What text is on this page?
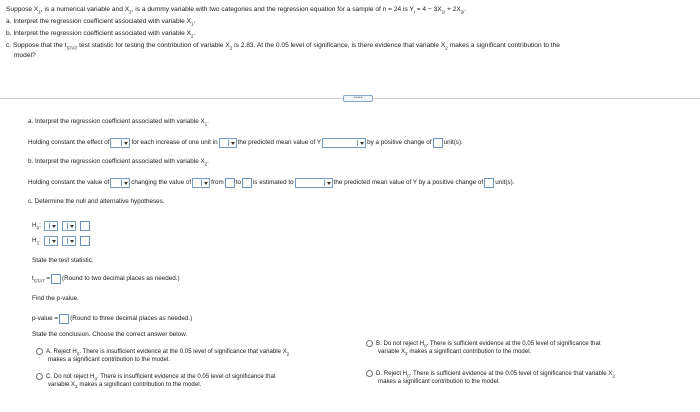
Suppose $X_1$, is a numerical variable and $X_2$, is a dummy variable with two categories and the regression equation for a sample of n = 24 is $Y_i = 4 - 3X_{1i} + 2X_{2i}$.
a. Interpret the regression coefficient associated with variable $X_1$.
b. Interpret the regression coefficient associated with variable $X_2$.
c. Suppose that the $t_{STAT}$ test statistic for testing the contribution of variable $X_2$ is 2.83. At the 0.05 level of significance, is there evidence that variable $X_2$ makes a significant contribution to the
model?
•••••
a. Interpret the regression coefficient associated with variable $X_1$.
Holding constant the effect of	for each increase of one unit in	the predicted mean value of Y	by a positive change of unit(s).
b. Interpret the regression coefficient associated with variable $X_2$.
Holding constant the value of	changing the value of	from to is estimated to	the predicted mean value of Y by a positive change of unit(s).
c. Determine the null and alternative hypotheses.
$H_0$:
$H_1$:
State the test statistic.
$t_{STAT}$ = (Round to two decimal places as needed.)
Find the p-value.
p-value = (Round to three decimal places as needed.)
State the conclusion. Choose the correct answer below.
A. Reject $H_0$. There is insufficient evidence at the 0.05 level of significance that variable $X_2$
makes a significant contribution to the model.
B. Do not reject $H_0$. There is sufficient evidence at the 0.05 level of significance that
variable $X_2$ makes a significant contribution to the model.
C. Do not reject $H_0$. There is insufficient evidence at the 0.05 level of significance that
variable $X_2$ makes a significant contribution to the model.
D. Reject $H_0$. There is sufficient evidence at the 0.05 level of significance that variable $X_2$
makes a significant contribution to the model.
